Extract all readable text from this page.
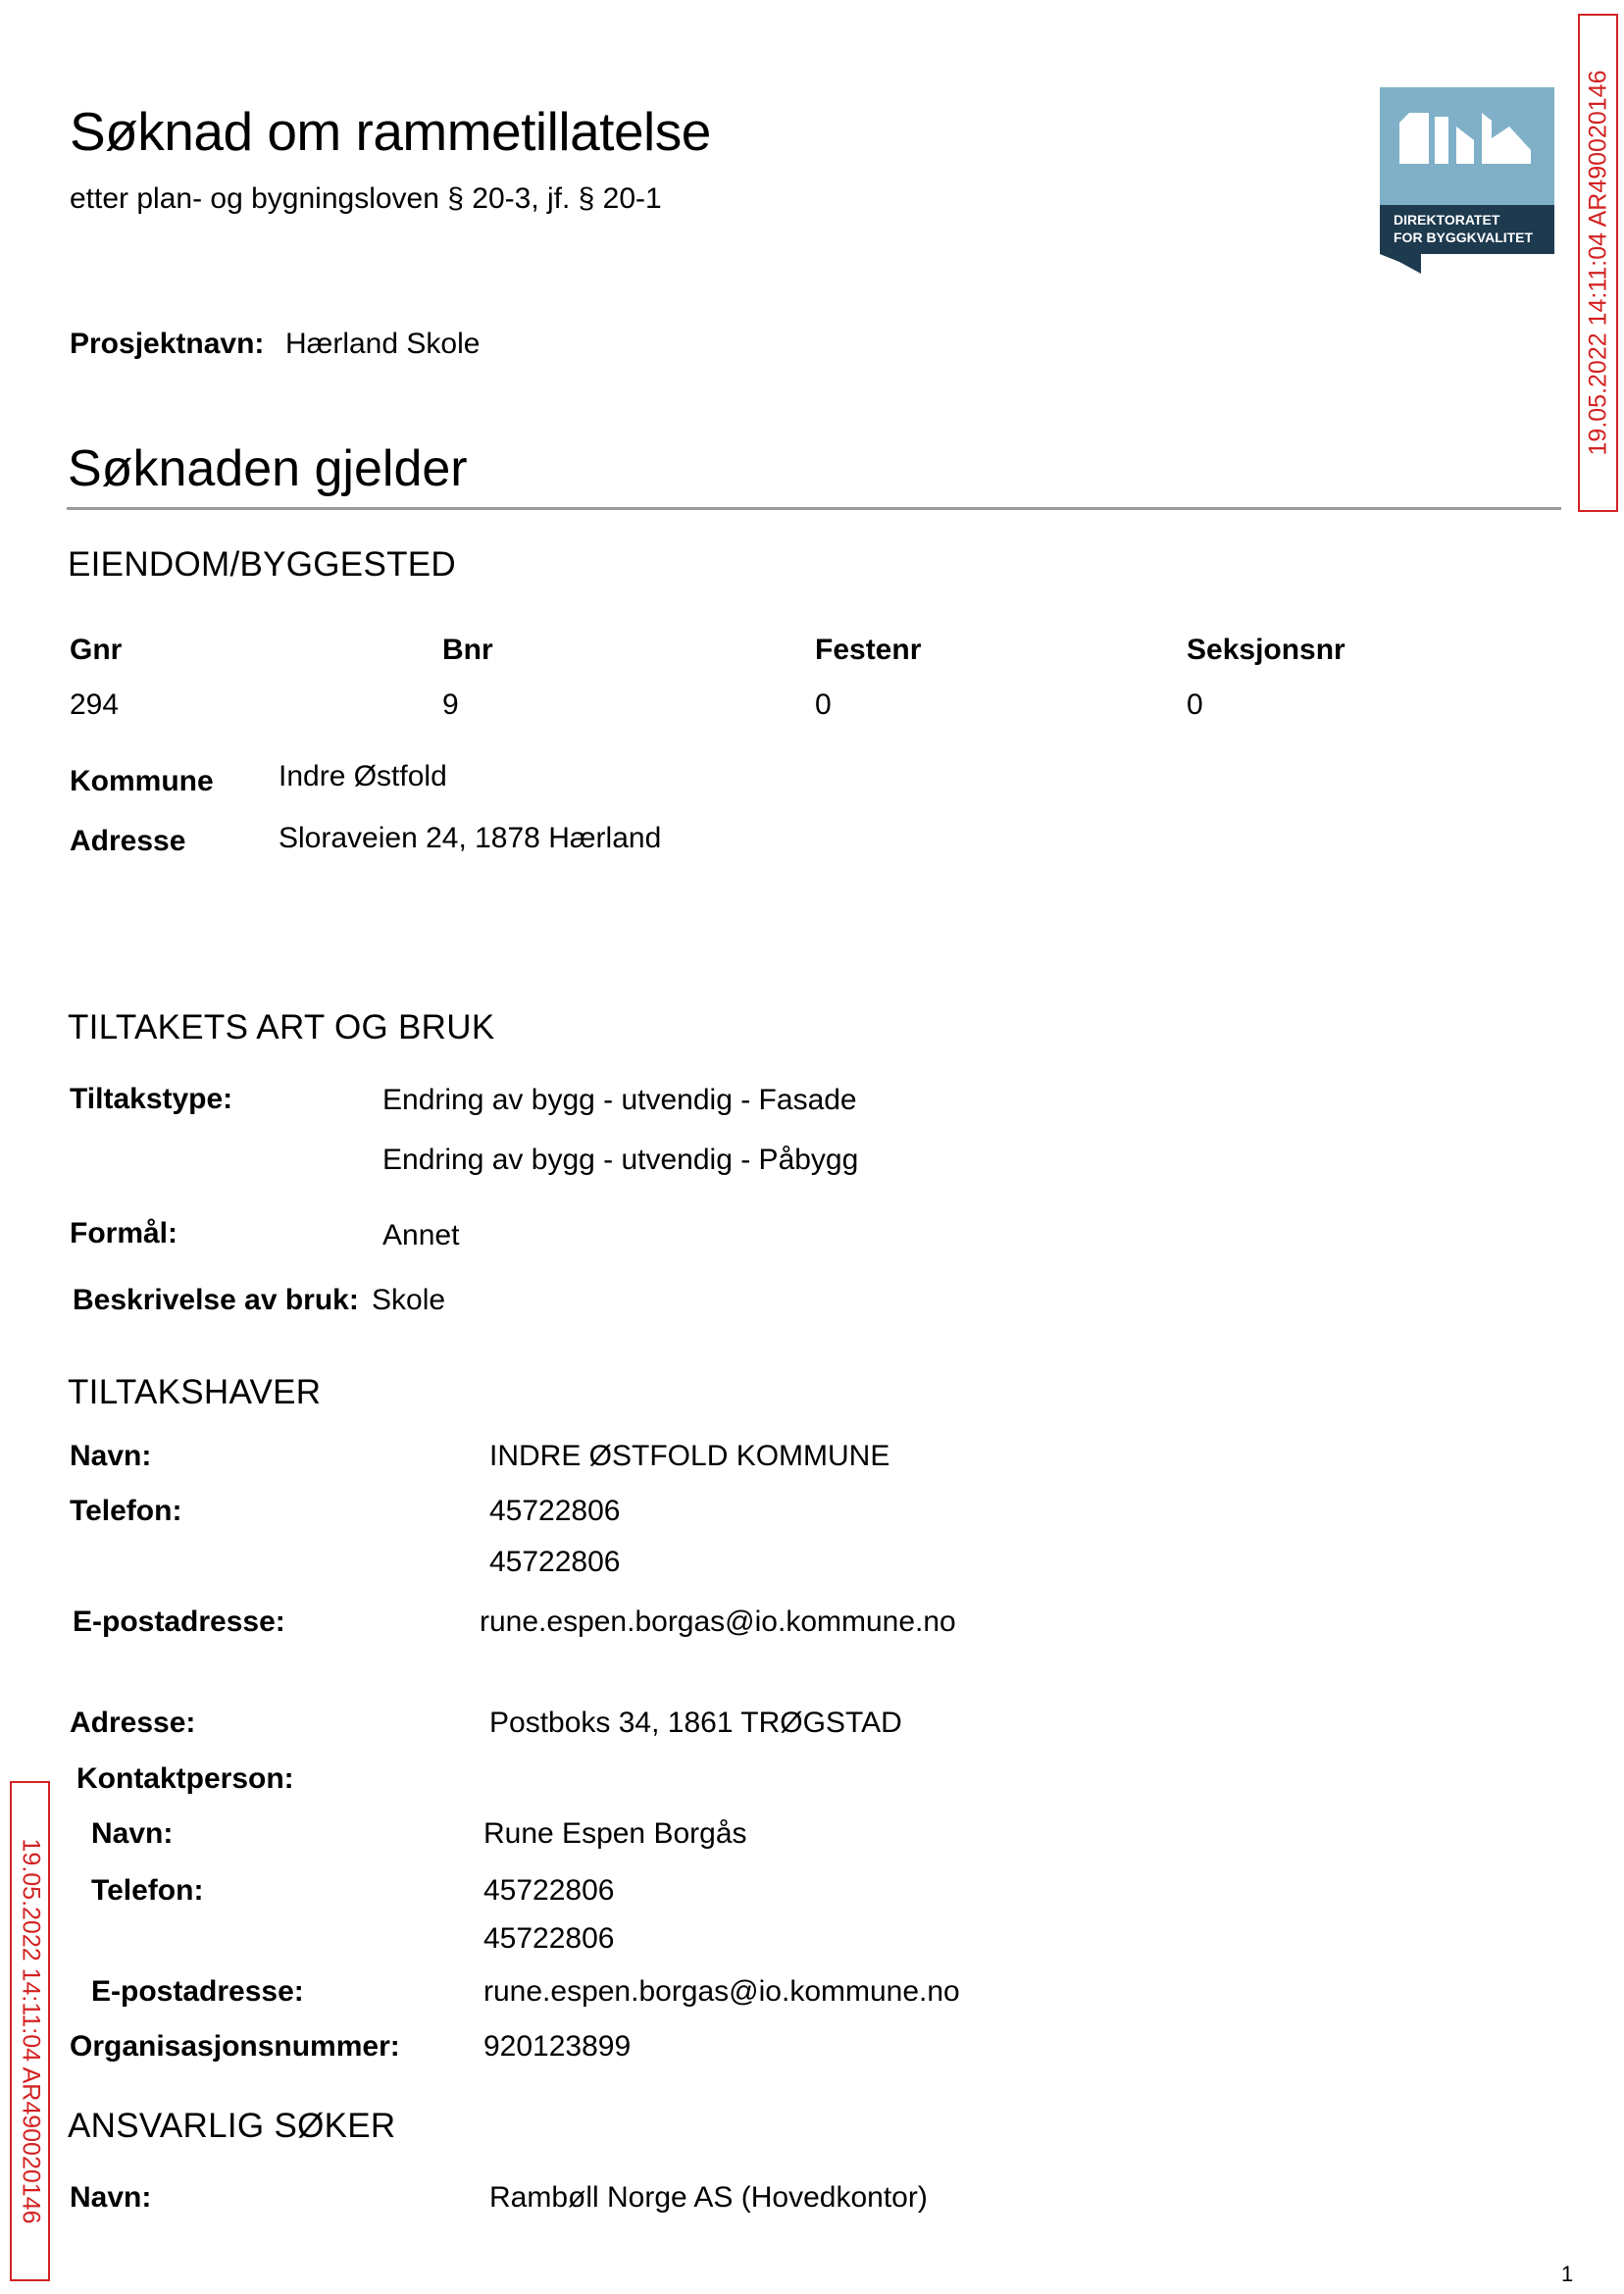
Søknad om rammetillatelse
etter plan- og bygningsloven § 20-3, jf. § 20-1
DIREKTORATET
FOR BYGGKVALITET 19.05.2022 14:11:04 AR490020146
19.05.2022 14:11:04 AR490020146
Prosjektnavn: Hærland Skole
Søknaden gjelder
EIENDOM/BYGGESTED
Gnr	Bnr	Festenr	Seksjonsnr
294	9	0	0
Kommune Indre Østfold
Adresse	Sloraveien 24, 1878 Hærland
TILTAKETS ART OG BRUK
Tiltakstype:	Endring av bygg - utvendig - Fasade
Endring av bygg - utvendig - Påbygg
Formål:	Annet
Beskrivelse av bruk: Skole
TILTAKSHAVER
Navn:	INDRE ØSTFOLD KOMMUNE
Telefon:	45722806
45722806
E-postadresse:	rune.espen.borgas@io.kommune.no
Adresse:	Postboks 34, 1861 TRØGSTAD
Kontaktperson:
Navn:	Rune Espen Borgås
Telefon:	45722806
45722806
E-postadresse:	rune.espen.borgas@io.kommune.no
Organisasjonsnummer:	920123899
ANSVARLIG SØKER
Navn:	Rambøll Norge AS (Hovedkontor)
1
